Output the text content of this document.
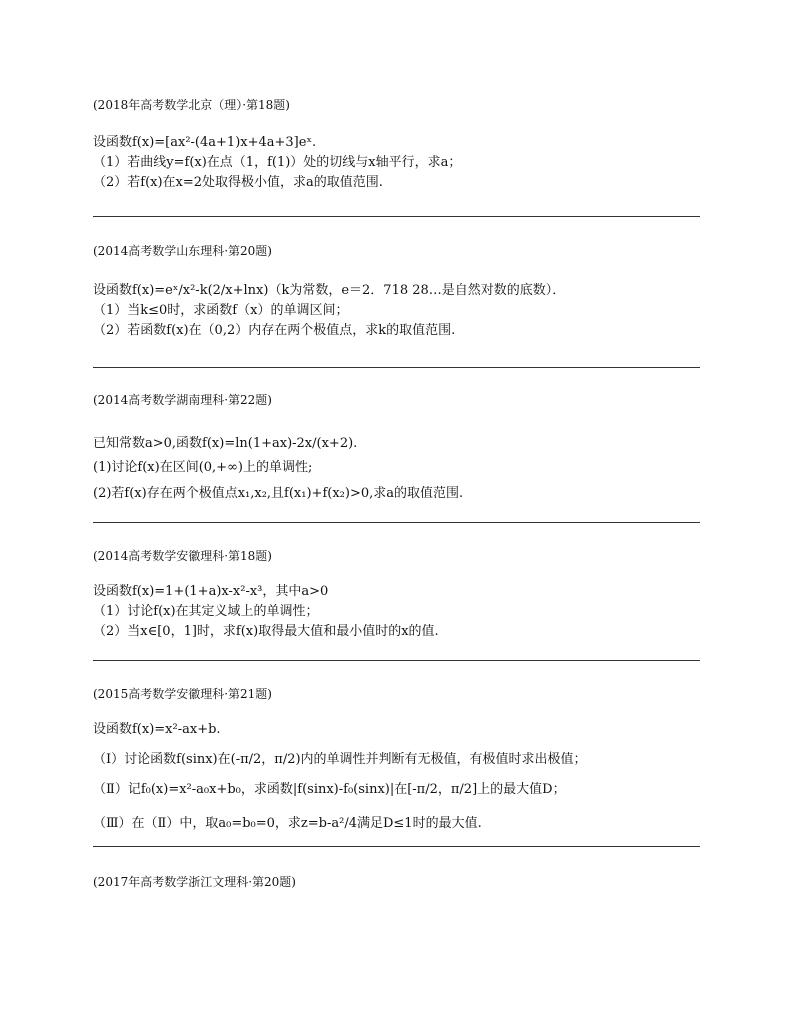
(2018年高考数学北京（理）·第18题)
设函数f(x)=[ax²-(4a+1)x+4a+3]eˣ.
（1）若曲线y=f(x)在点（1，f(1)）处的切线与x轴平行，求a；
（2）若f(x)在x=2处取得极小值，求a的取值范围.
(2014高考数学山东理科·第20题)
设函数f(x)=eˣ/x²-k(2/x+lnx)（k为常数，e＝2．718 28…是自然对数的底数）．
（1）当k≤0时，求函数f（x）的单调区间；
（2）若函数f(x)在（0,2）内存在两个极值点，求k的取值范围.
(2014高考数学湖南理科·第22题)
已知常数a>0,函数f(x)=ln(1+ax)-2x/(x+2).
(1)讨论f(x)在区间(0,+∞)上的单调性;
(2)若f(x)存在两个极值点x₁,x₂,且f(x₁)+f(x₂)>0,求a的取值范围.
(2014高考数学安徽理科·第18题)
设函数f(x)=1+(1+a)x-x²-x³，其中a>0
（1）讨论f(x)在其定义域上的单调性；
（2）当x∈[0，1]时，求f(x)取得最大值和最小值时的x的值.
(2015高考数学安徽理科·第21题)
设函数f(x)=x²-ax+b.
（Ⅰ）讨论函数f(sinx)在(-π/2，π/2)内的单调性并判断有无极值，有极值时求出极值；
（Ⅱ）记f₀(x)=x²-a₀x+b₀，求函数|f(sinx)-f₀(sinx)|在[-π/2，π/2]上的最大值D；
（Ⅲ）在（Ⅱ）中，取a₀=b₀=0，求z=b-a²/4满足D≤1时的最大值.
(2017年高考数学浙江文理科·第20题)
